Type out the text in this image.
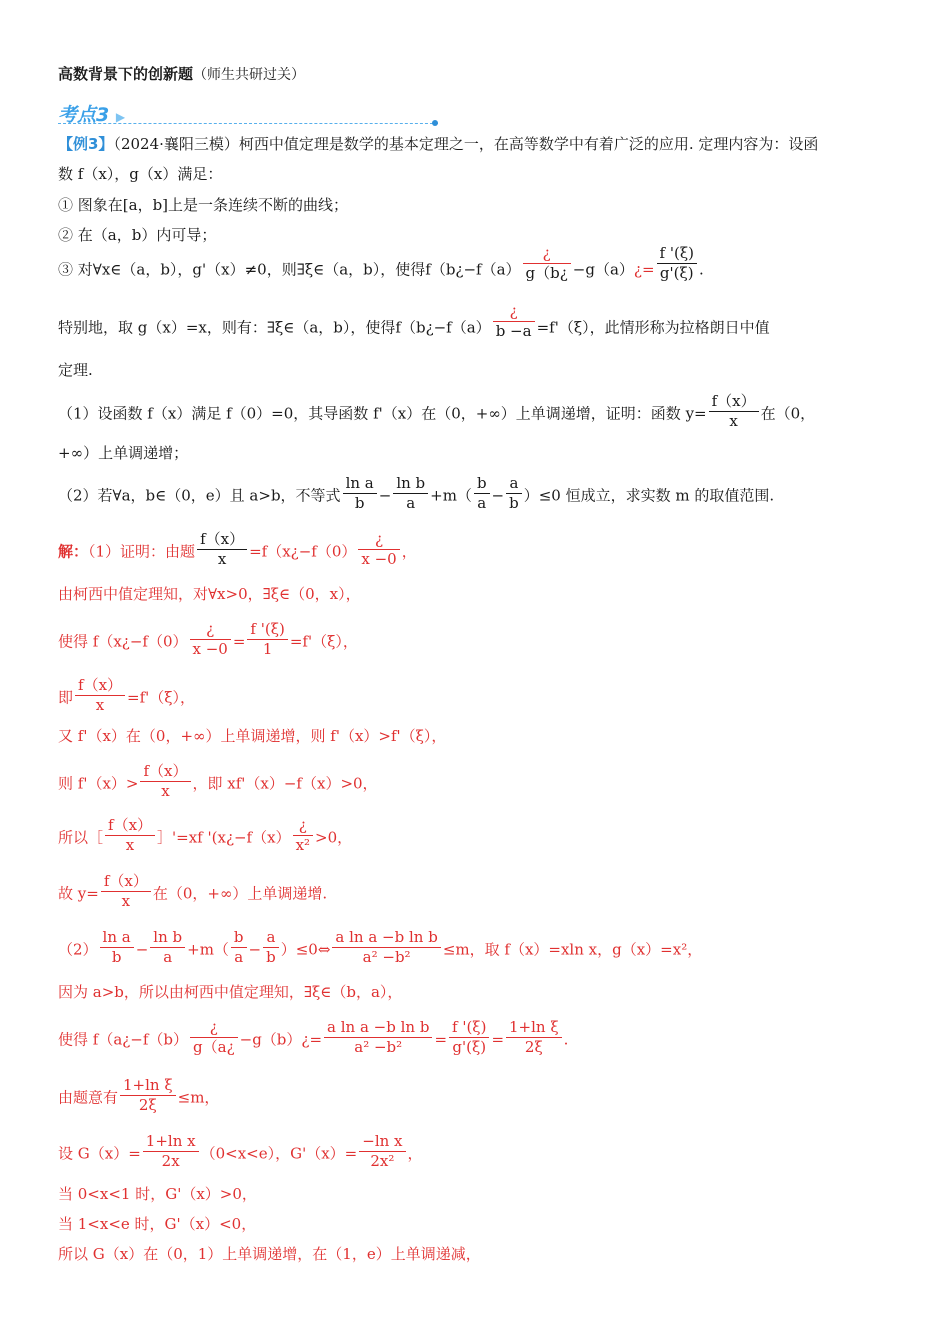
高数背景下的创新题（师生共研过关）
考点3 ▶
【例3】（2024·襄阳三模）柯西中值定理是数学的基本定理之一，在高等数学中有着广泛的应用. 定理内容为：设函
数 f（x），g（x）满足：
① 图象在[a，b]上是一条连续不断的曲线；
② 在（a，b）内可导；
③ 对∀x∈（a，b），g'（x）≠0，则∃ξ∈（a，b），使得f（b¿−f（a） $\frac{¿}{g(b¿}$ −g（a）¿= $\frac{f '(\xi)}{g'(\xi)}$ .
特别地，取 g（x）=x，则有：∃ξ∈（a，b），使得f（b¿−f（a） $\frac{¿}{b -a} =f'(\xi)$，此情形称为拉格朗日中值
定理.
（1）设函数 f（x）满足 f（0）=0，其导函数 f'（x）在（0，+∞）上单调递增，证明：函数 $y= \frac{f(x)}{x}$ 在（0，
+∞）上单调递增；
（2）若∀a，b∈（0，e）且 a>b，不等式 $\frac{\text{ln a}}{b} - \frac{\text{ln b}}{a} +m( \frac{b}{a} - \frac{a}{b} )\le 0$ 恒成立，求实数 m 的取值范围.
解：（1）证明：由题 $\frac{f(x)}{x}$ =f（x¿−f（0） $\frac{¿}{x -0}$ ，
由柯西中值定理知，对∀x>0，∃ξ∈（0，x），
使得 f（x¿−f（0） $\frac{¿}{x -0} = \frac{f '(\xi)}{1} =f'(\xi)$，
即 $\frac{f(x)}{x} =f'(\xi)$，
又 f'（x）在（0，+∞）上单调递增，则 f'（x）>f'（ξ），
则 $f'(x)> \frac{f(x)}{x}$ ，即 xf'（x）−f（x）>0，
所以［ $\frac{f(x)}{x}$ ］'=xf '(x¿−f（x） $\frac{¿}{\text{x²}} >0$，
故 $y= \frac{f(x)}{x}$ 在（0，+∞）上单调递增.
$(2) \frac{\text{ln a}}{b} - \frac{\text{ln b}}{a} +m( \frac{b}{a} - \frac{a}{b}$ ）≤0⇔ $\frac{\text{a ln a −b ln b}}{\text{a² −b²}} \le m$，取 f（x）=xln x，g（x）=x²，
因为 a>b，所以由柯西中值定理知，∃ξ∈（b，a），
使得 f（a¿−f（b） $\frac{¿}{g(a¿}$ −g（b）¿= $\frac{\text{a ln a −b ln b}}{\text{a² −b²}} = \frac{f '(\xi)}{g'(\xi)} = \frac{\text{1+ln ξ}}{2\xi}$ .
由题意有 $\frac{\text{1+ln ξ}}{2\xi} \le m$，
设 $G(x)= \frac{\text{1+ln x}}{2x} (0<x<e)$，$G'(x)= \frac{\text{−ln x}}{\text{2x²}}$ ，
当 0<x<1 时，G'（x）>0，
当 1<x<e 时，G'（x）<0，
所以 G（x）在（0，1）上单调递增，在（1，e）上单调递减，
